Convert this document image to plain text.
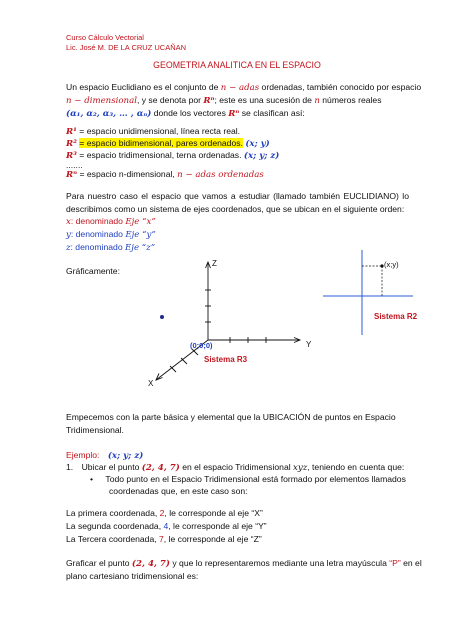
Curso Cálculo Vectorial
Lic. José M. DE LA CRUZ UCAÑAN
GEOMETRIA ANALITICA EN EL ESPACIO
Un espacio Euclidiano es el conjunto de n − adas ordenadas, también conocido por espacio
n − dimensional, y se denota por Rⁿ; este es una sucesión de n números reales
(α₁, α₂, α₃, … , αₙ) donde los vectores Rⁿ se clasifican así:
R¹ = espacio unidimensional, línea recta real.
R² = espacio bidimensional, pares ordenados. (x; y)
R³ = espacio tridimensional, terna ordenadas. (x; y; z)
.......
Rⁿ = espacio n-dimensional, n − adas ordenadas
Para nuestro caso el espacio que vamos a estudiar (llamado también EUCLIDIANO) lo
describimos como un sistema de ejes coordenados, que se ubican en el siguiente orden:
x: denominado Eje “x”
y: denominado Eje “y”
z: denominado Eje “z”
Gráficamente:
Z
Y
X
(0;0;0)
Sistema R3
(x;y)
Sistema R2
Empecemos con la parte básica y elemental que la UBICACIÓN de puntos en Espacio
Tridimensional.
Ejemplo: (x; y; z)
1. Ubicar el punto (2, 4, 7) en el espacio Tridimensional xyz, teniendo en cuenta que:
• Todo punto en el Espacio Tridimensional está formado por elementos llamados
coordenadas que, en este caso son:
La primera coordenada, 2, le corresponde al eje “X”
La segunda coordenada, 4, le corresponde al eje “Y”
La Tercera coordenada, 7, le corresponde al eje “Z”
Graficar el punto (2, 4, 7) y que lo representaremos mediante una letra mayúscula “P” en el
plano cartesiano tridimensional es:
